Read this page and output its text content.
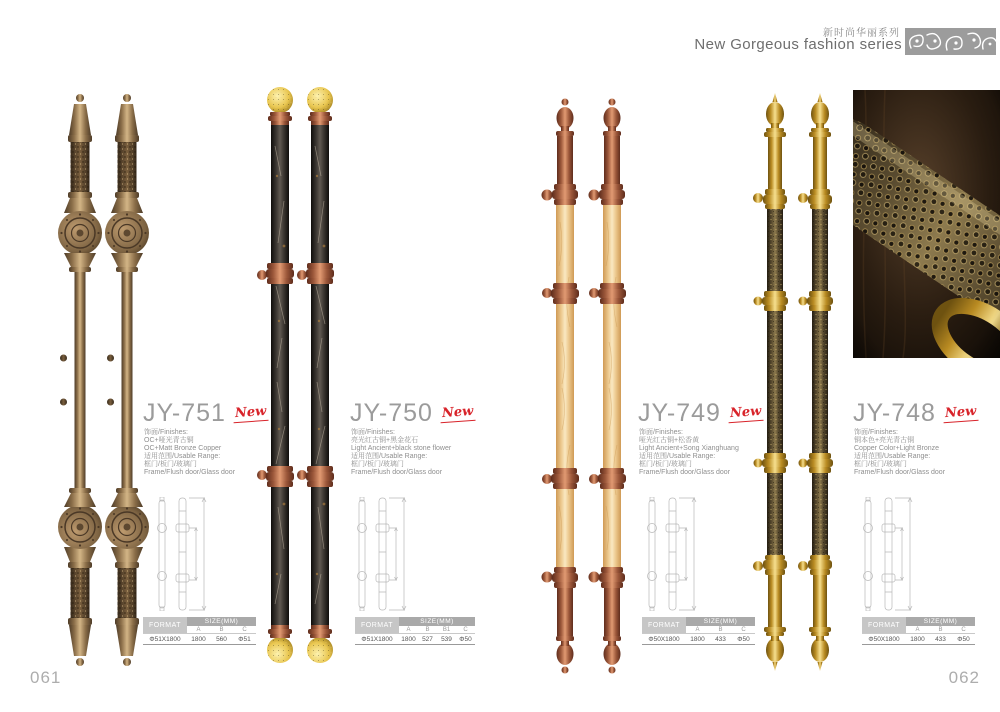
新时尚华丽系列
New Gorgeous fashion series
JY-751 New
饰面/Finishes:
OC+哑光青古铜
OC+Matt Bronze Copper
适用范围/Usable Range:
框门/板门/玻璃门
Frame/Flush door/Glass door
FORMAT	SIZE(MM)		
	A	B	C
Φ51X1800	1800	560	Φ51
JY-750 New
饰面/Finishes:
亮光红古铜+黑金花石
Light Ancient+black stone flower
适用范围/Usable Range:
框门/板门/玻璃门
Frame/Flush door/Glass door
FORMAT	SIZE(MM)			
	A	B	B1	C
Φ51X1800	1800	527	539	Φ50
JY-749 New
饰面/Finishes:
哑光红古铜+松香黄
Light Ancient+Song Xianghuang
适用范围/Usable Range:
框门/板门/玻璃门
Frame/Flush door/Glass door
FORMAT	SIZE(MM)		
	A	B	C
Φ50X1800	1800	433	Φ50
JY-748 New
饰面/Finishes:
铜本色+亮光青古铜
Copper Color+Light Bronze
适用范围/Usable Range:
框门/板门/玻璃门
Frame/Flush door/Glass door
FORMAT	SIZE(MM)		
	A	B	C
Φ50X1800	1800	433	Φ50
061	062
